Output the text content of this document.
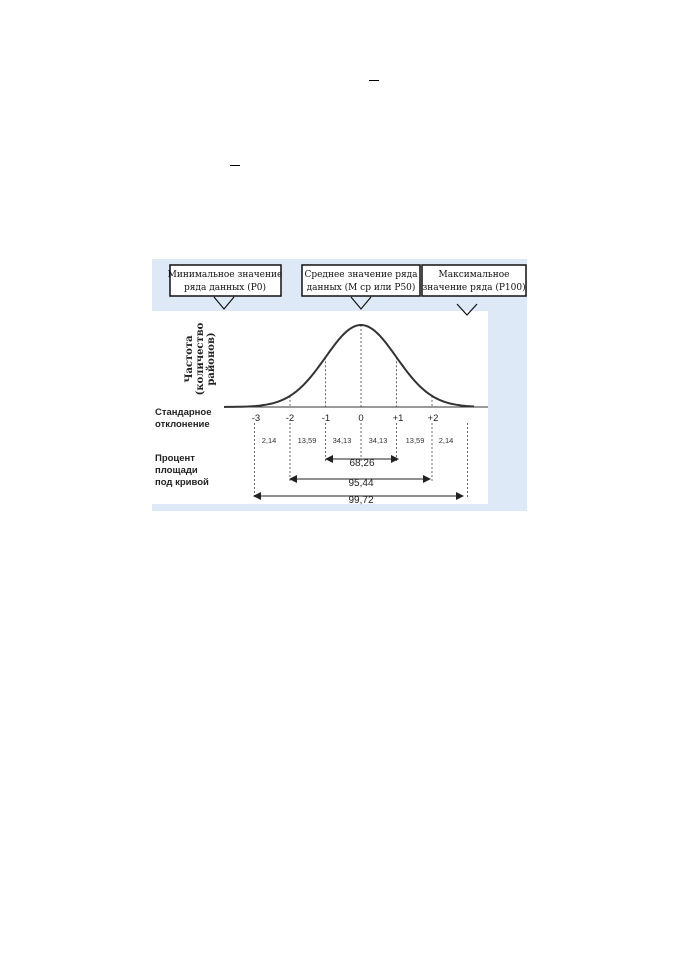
Минимальное значение
ряда данных (P0)
Среднее значение ряда
данных (M ср или P50)
Максимальное
значение ряда (P100)
Частота (количество районов)
Стандарное
отклонение
Процент
площади
под кривой
-3	-2	-1	0	+1	+2
2,14	13,59 34,13 34,13 13,59 2,14
68,26
95,44
99,72
